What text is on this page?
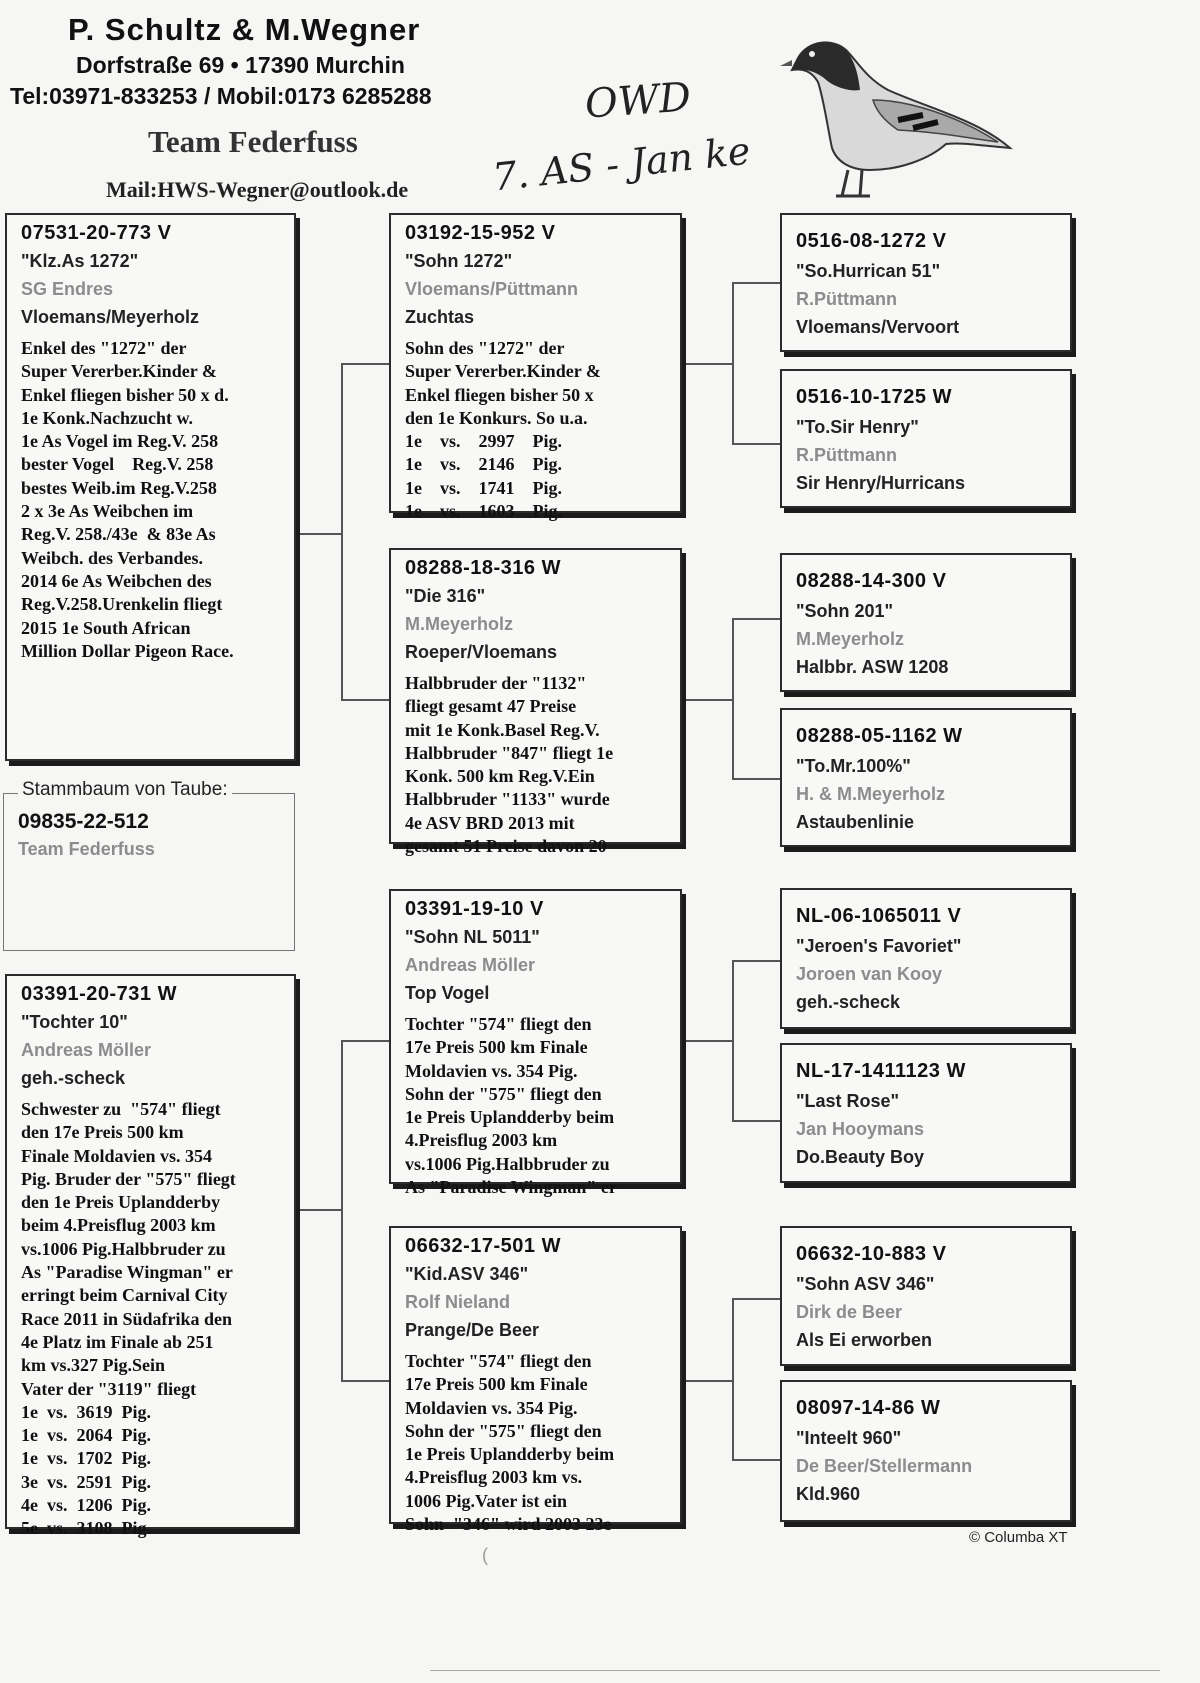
P. Schultz & M.Wegner
Dorfstraße 69 • 17390 Murchin
Tel:03971-833253 / Mobil:0173 6285288
Team Federfuss
Mail:HWS-Wegner@outlook.de
OWD
7. AS - Jan ke
07531-20-773 V
"Klz.As 1272"
SG Endres
Vloemans/Meyerholz
Enkel des "1272" der
Super Vererber.Kinder &
Enkel fliegen bisher 50 x d.
1e Konk.Nachzucht w.
1e As Vogel im Reg.V. 258
bester Vogel    Reg.V. 258
bestes Weib.im Reg.V.258
2 x 3e As Weibchen im
Reg.V. 258./43e  & 83e As
Weibch. des Verbandes.
2014 6e As Weibchen des
Reg.V.258.Urenkelin fliegt
2015 1e South African
Million Dollar Pigeon Race.
Stammbaum von Taube:
09835-22-512
Team Federfuss
03391-20-731 W
"Tochter 10"
Andreas Möller
geh.-scheck
Schwester zu  "574" fliegt
den 17e Preis 500 km
Finale Moldavien vs. 354
Pig. Bruder der "575" fliegt
den 1e Preis Uplandderby
beim 4.Preisflug 2003 km
vs.1006 Pig.Halbbruder zu
As "Paradise Wingman" er
erringt beim Carnival City
Race 2011 in Südafrika den
4e Platz im Finale ab 251
km vs.327 Pig.Sein
Vater der "3119" fliegt
1e  vs.  3619  Pig.
1e  vs.  2064  Pig.
1e  vs.  1702  Pig.
3e  vs.  2591  Pig.
4e  vs.  1206  Pig.
5e  vs.  3108  Pig.
03192-15-952 V
"Sohn 1272"
Vloemans/Püttmann
Zuchtas
Sohn des "1272" der
Super Vererber.Kinder &
Enkel fliegen bisher 50 x
den 1e Konkurs. So u.a.
1e    vs.    2997    Pig.
1e    vs.    2146    Pig.
1e    vs.    1741    Pig.
1e    vs.    1603    Pig.
08288-18-316 W
"Die 316"
M.Meyerholz
Roeper/Vloemans
Halbbruder der "1132"
fliegt gesamt 47 Preise
mit 1e Konk.Basel Reg.V.
Halbbruder "847" fliegt 1e
Konk. 500 km Reg.V.Ein
Halbbruder "1133" wurde
4e ASV BRD 2013 mit
gesamt 51 Preise davon 20
03391-19-10 V
"Sohn NL 5011"
Andreas Möller
Top Vogel
Tochter "574" fliegt den
17e Preis 500 km Finale
Moldavien vs. 354 Pig.
Sohn der "575" fliegt den
1e Preis Uplandderby beim
4.Preisflug 2003 km
vs.1006 Pig.Halbbruder zu
As "Paradise Wingman" er
06632-17-501 W
"Kid.ASV 346"
Rolf Nieland
Prange/De Beer
Tochter "574" fliegt den
17e Preis 500 km Finale
Moldavien vs. 354 Pig.
Sohn der "575" fliegt den
1e Preis Uplandderby beim
4.Preisflug 2003 km vs.
1006 Pig.Vater ist ein
Sohn  "346" wird 2003 23e
0516-08-1272 V
"So.Hurrican 51"
R.Püttmann
Vloemans/Vervoort
0516-10-1725 W
"To.Sir Henry"
R.Püttmann
Sir Henry/Hurricans
08288-14-300 V
"Sohn 201"
M.Meyerholz
Halbbr. ASW 1208
08288-05-1162 W
"To.Mr.100%"
H. & M.Meyerholz
Astaubenlinie
NL-06-1065011 V
"Jeroen's Favoriet"
Joroen van Kooy
geh.-scheck
NL-17-1411123 W
"Last Rose"
Jan Hooymans
Do.Beauty Boy
06632-10-883 V
"Sohn ASV 346"
Dirk de Beer
Als Ei erworben
08097-14-86 W
"Inteelt 960"
De Beer/Stellermann
Kld.960
© Columba XT
(
